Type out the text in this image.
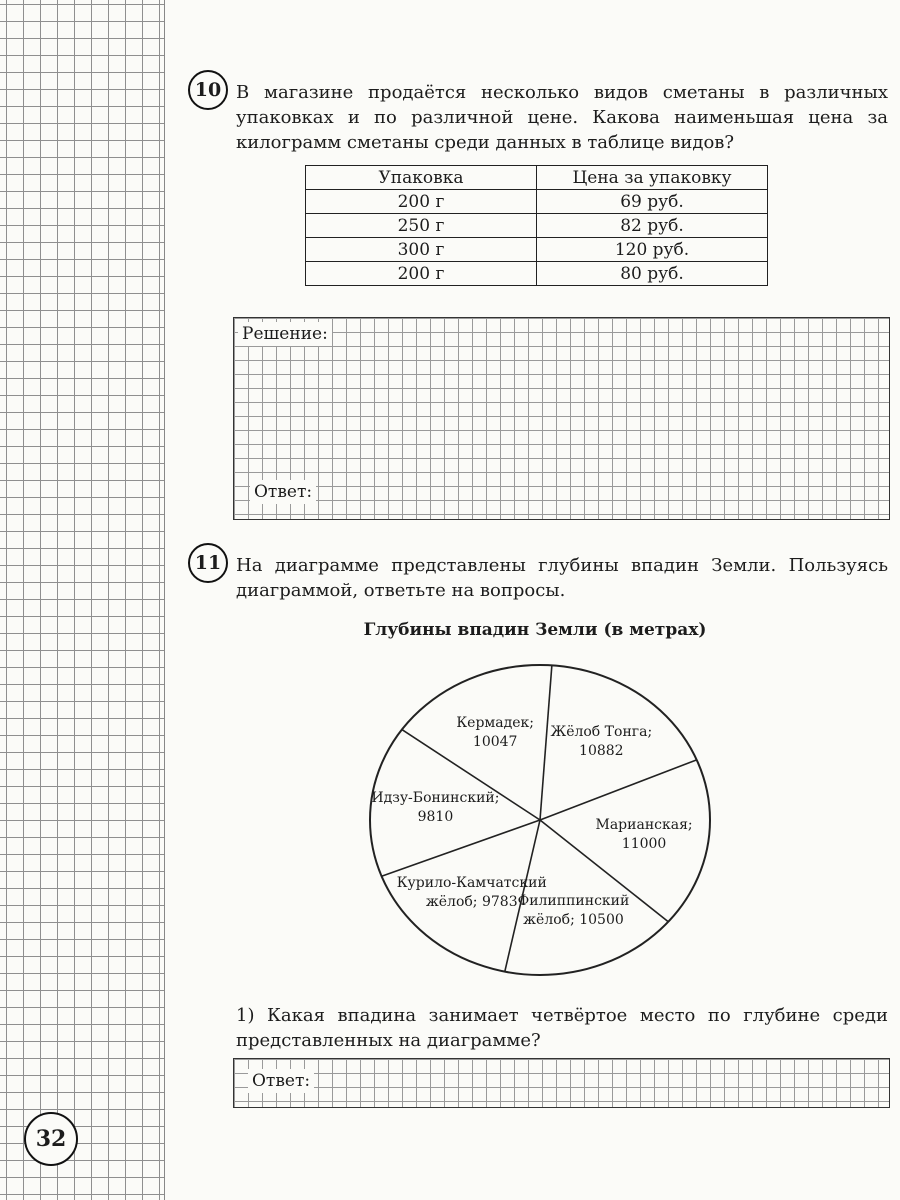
10 В магазине продаётся несколько видов сметаны в различных упаковках и по различной цене. Какова наименьшая цена за килограмм сметаны среди данных в таблице видов?

Упаковка	Цена за упаковку
200 г	69 руб.
250 г	82 руб.
300 г	120 руб.
200 г	80 руб.
Решение:
Ответ:
11 На диаграмме представлены глубины впадин Земли. Пользуясь диаграммой, ответьте на вопросы.

Глубины впадин Земли (в метрах)
Жёлоб Тонга; 10882
Марианская; 11000
Филиппинский жёлоб; 10500
Курило-Камчатский жёлоб; 9783
Идзу-Бонинский; 9810
Кермадек; 10047

1) Какая впадина занимает четвёртое место по глубине среди представленных на диаграмме?

Ответ:
32
